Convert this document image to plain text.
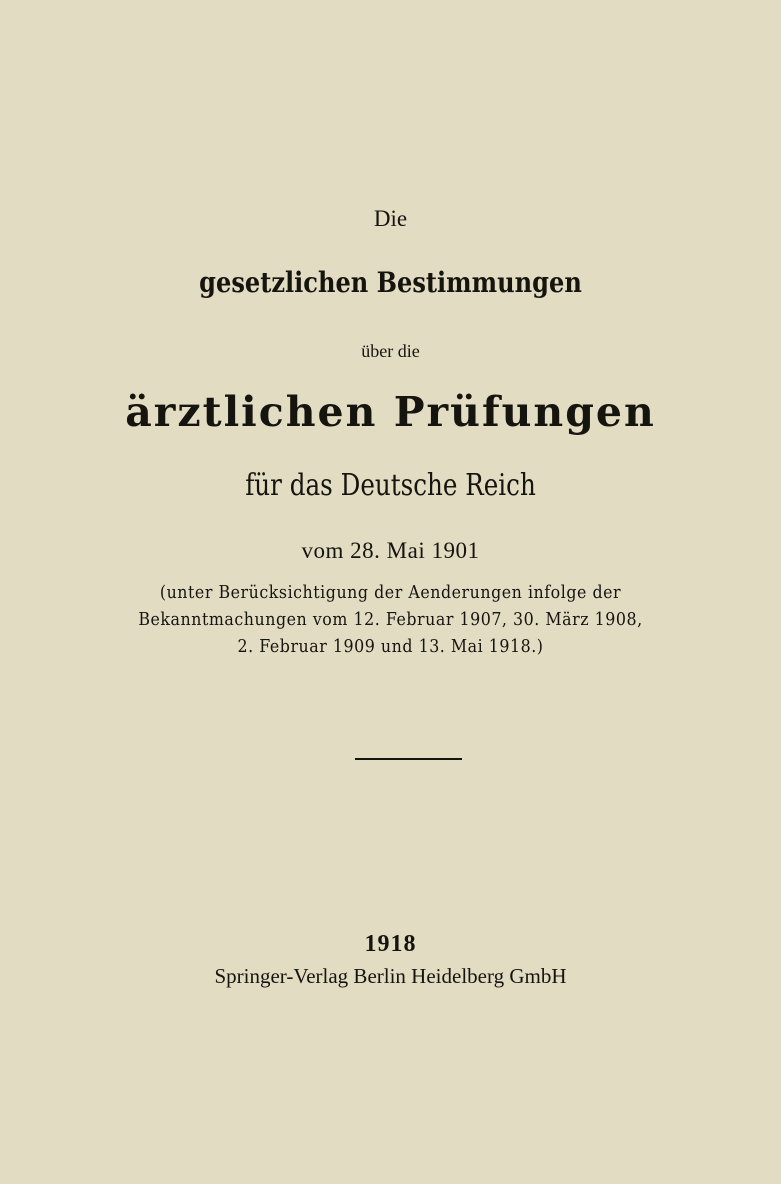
Die
gesetzlichen Bestimmungen
über die
ärztlichen Prüfungen
für das Deutsche Reich
vom 28. Mai 1901
(unter Berücksichtigung der Aenderungen infolge der
Bekanntmachungen vom 12. Februar 1907, 30. März 1908,
2. Februar 1909 und 13. Mai 1918.)
1918
Springer-Verlag Berlin Heidelberg GmbH
